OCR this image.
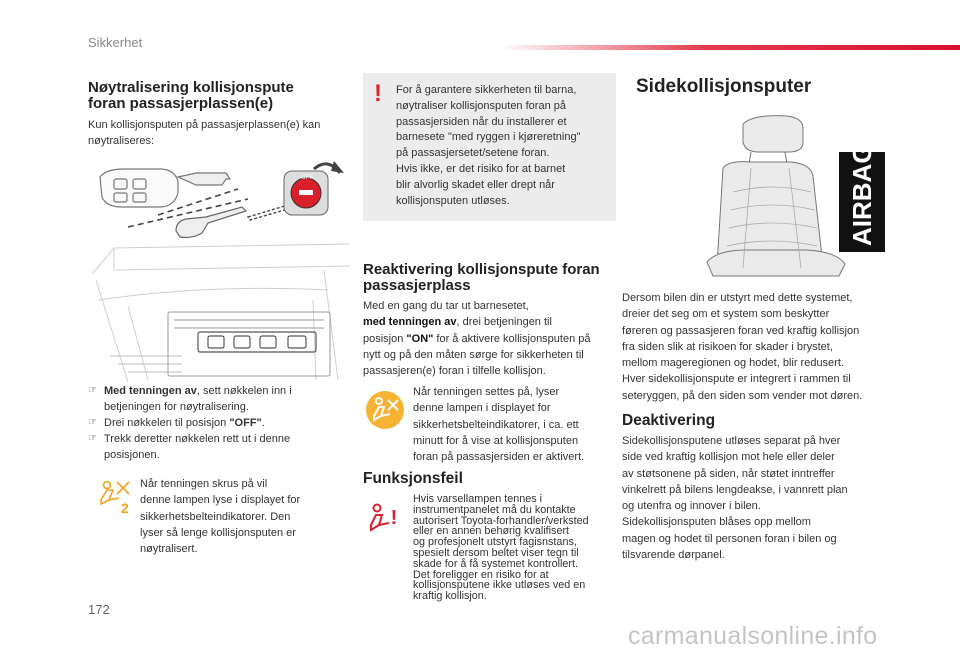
Sikkerhet
Nøytralisering kollisjonspute
foran passasjerplassen(e)
Kun kollisjonsputen på passasjerplassen(e) kan
nøytraliseres:
OFF
☞ Med tenningen av, sett nøkkelen inn i
betjeningen for nøytralisering.
☞ Drei nøkkelen til posisjon "OFF".
☞ Trekk deretter nøkkelen rett ut i denne
posisjonen.
2
Når tenningen skrus på vil
denne lampen lyse i displayet for
sikkerhetsbelteindikatorer. Den
lyser så lenge kollisjonsputen er
nøytralisert.
! For å garantere sikkerheten til barna,
nøytraliser kollisjonsputen foran på
passasjersiden når du installerer et
barnesete "med ryggen i kjøreretning"
på passasjersetet/setene foran.
Hvis ikke, er det risiko for at barnet
blir alvorlig skadet eller drept når
kollisjonsputen utløses.
Reaktivering kollisjonspute foran
passasjerplass
Med en gang du tar ut barnesetet,
med tenningen av, drei betjeningen til
posisjon "ON" for å aktivere kollisjonsputen på
nytt og på den måten sørge for sikkerheten til
passasjeren(e) foran i tilfelle kollisjon.
Når tenningen settes på, lyser
denne lampen i displayet for
sikkerhetsbelteindikatorer, i ca. ett
minutt for å vise at kollisjonsputen
foran på passasjersiden er aktivert.
Funksjonsfeil
!
Hvis varsellampen tennes i
instrumentpanelet må du kontakte
autorisert Toyota-forhandler/verksted
eller en annen behørig kvalifisert
og profesjonelt utstyrt fagisnstans,
spesielt dersom beltet viser tegn til
skade for å få systemet kontrollert.
Det foreligger en risiko for at
kollisjonsputene ikke utløses ved en
kraftig kollisjon.
Sidekollisjonsputer
AIRBAG
Dersom bilen din er utstyrt med dette systemet,
dreier det seg om et system som beskytter
føreren og passasjeren foran ved kraftig kollisjon
fra siden slik at risikoen for skader i brystet,
mellom mageregionen og hodet, blir redusert.
Hver sidekollisjonspute er integrert i rammen til
seteryggen, på den siden som vender mot døren.
Deaktivering
Sidekollisjonsputene utløses separat på hver
side ved kraftig kollisjon mot hele eller deler
av støtsonene på siden, når støtet inntreffer
vinkelrett på bilens lengdeakse, i vannrett plan
og utenfra og innover i bilen.
Sidekollisjonsputen blåses opp mellom
magen og hodet til personen foran i bilen og
tilsvarende dørpanel.
172
carmanualsonline.info
